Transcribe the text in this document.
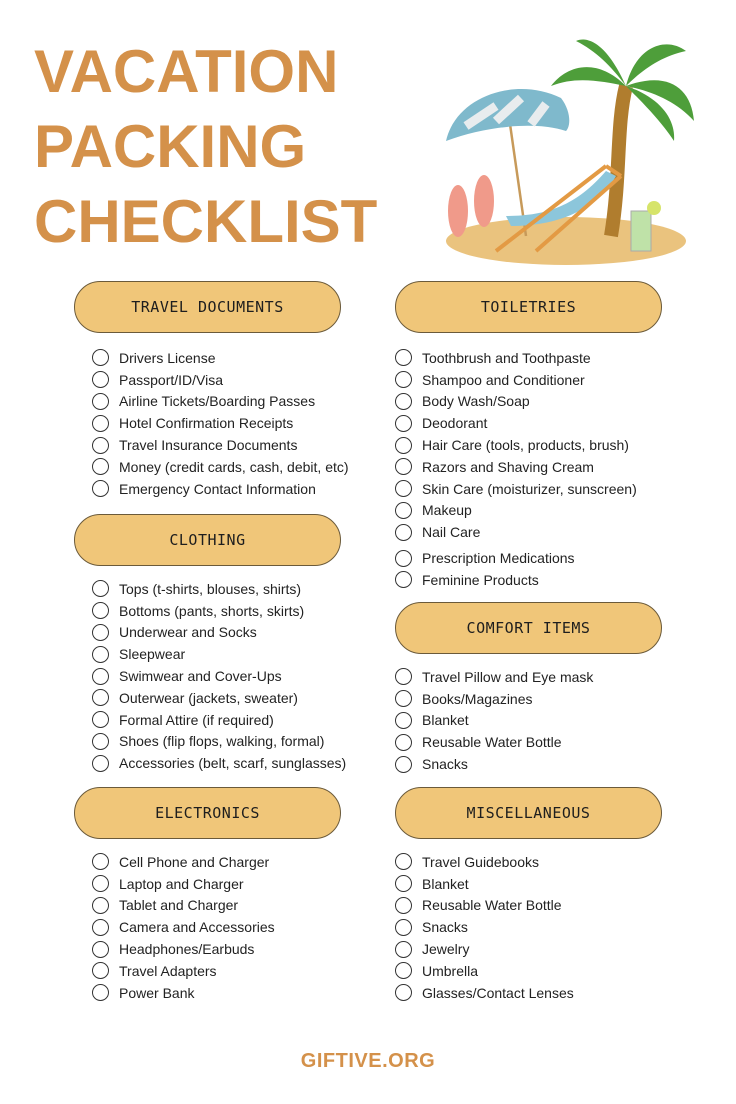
VACATION
PACKING
CHECKLIST
TRAVEL DOCUMENTS
Drivers License
Passport/ID/Visa
Airline Tickets/Boarding Passes
Hotel Confirmation Receipts
Travel Insurance Documents
Money (credit cards, cash, debit, etc)
Emergency Contact Information
CLOTHING
Tops (t-shirts, blouses, shirts)
Bottoms (pants, shorts, skirts)
Underwear and Socks
Sleepwear
Swimwear and Cover-Ups
Outerwear (jackets, sweater)
Formal Attire (if required)
Shoes (flip flops, walking, formal)
Accessories (belt, scarf, sunglasses)
ELECTRONICS
Cell Phone and Charger
Laptop and Charger
Tablet and Charger
Camera and Accessories
Headphones/Earbuds
Travel Adapters
Power Bank
TOILETRIES
Toothbrush and Toothpaste
Shampoo and Conditioner
Body Wash/Soap
Deodorant
Hair Care (tools, products, brush)
Razors and Shaving Cream
Skin Care (moisturizer, sunscreen)
Makeup
Nail Care
Prescription Medications
Feminine Products
COMFORT ITEMS
Travel Pillow and Eye mask
Books/Magazines
Blanket
Reusable Water Bottle
Snacks
MISCELLANEOUS
Travel Guidebooks
Blanket
Reusable Water Bottle
Snacks
Jewelry
Umbrella
Glasses/Contact Lenses
GIFTIVE.ORG
